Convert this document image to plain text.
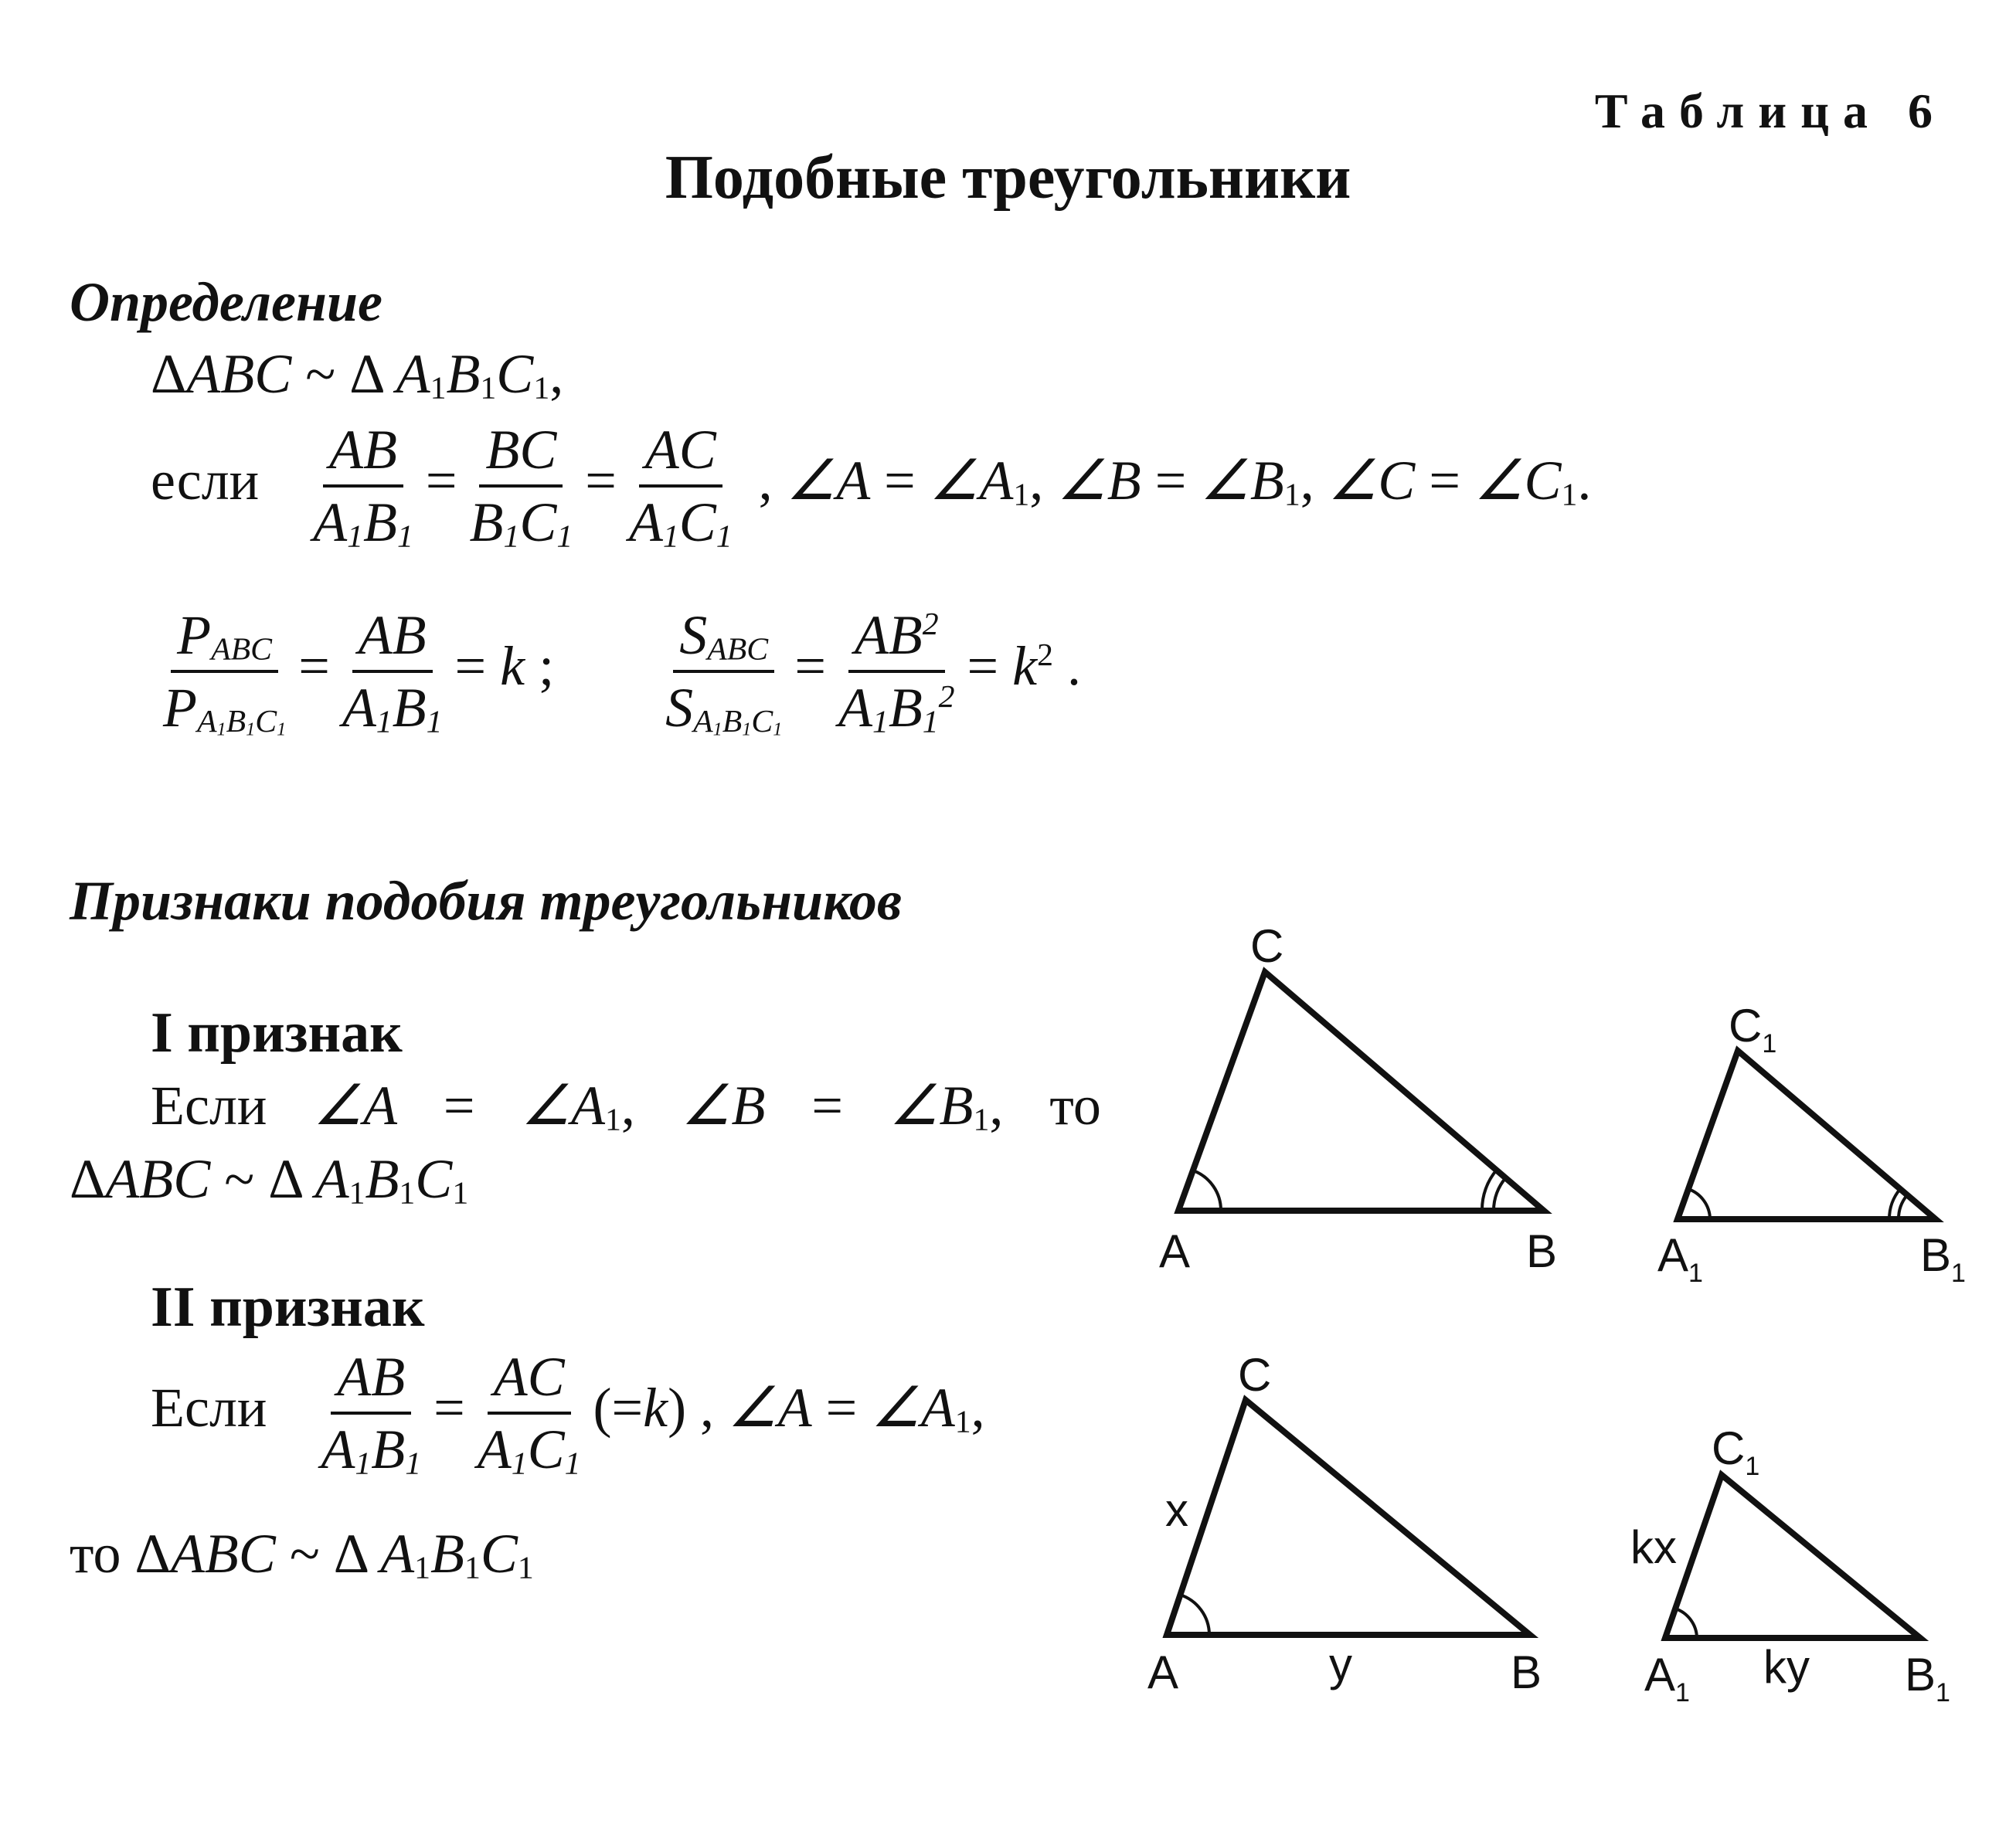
Таблица 6
Подобные треугольники
Определение
ΔABC ~ Δ $A_1B_1C_1$,
если $\frac{AB}{A_1B_1} = \frac{BC}{B_1C_1} = \frac{AC}{A_1C_1}$ , ∠A = $\angle A_1$, ∠B = $\angle B_1$, ∠C = $\angle C_1$.
$\frac{P_{ABC}}{P_{A_1B_1C_1}} = \frac{AB}{A_1B_1} = k$ ; $\frac{S_{ABC}}{S_{A_1B_1C_1}} = \frac{AB^2}{A_1B_1^2} = k^2$ .
Признаки подобия треугольников
I признак
Если ∠A = $\angle A_1$, ∠B = $\angle B_1$, то
ΔABC ~ Δ $A_1B_1C_1$
II признак
Если $\frac{AB}{A_1B_1} = \frac{AC}{A_1C_1} (=k)$ , ∠A = $\angle A_1$,
то ΔABC ~ Δ $A_1B_1C_1$
A	B
C
$A_1$	$B_1$
$C_1$
A	B
C
x
y	$A_1$	$B_1$
$C_1$
kx
ky
